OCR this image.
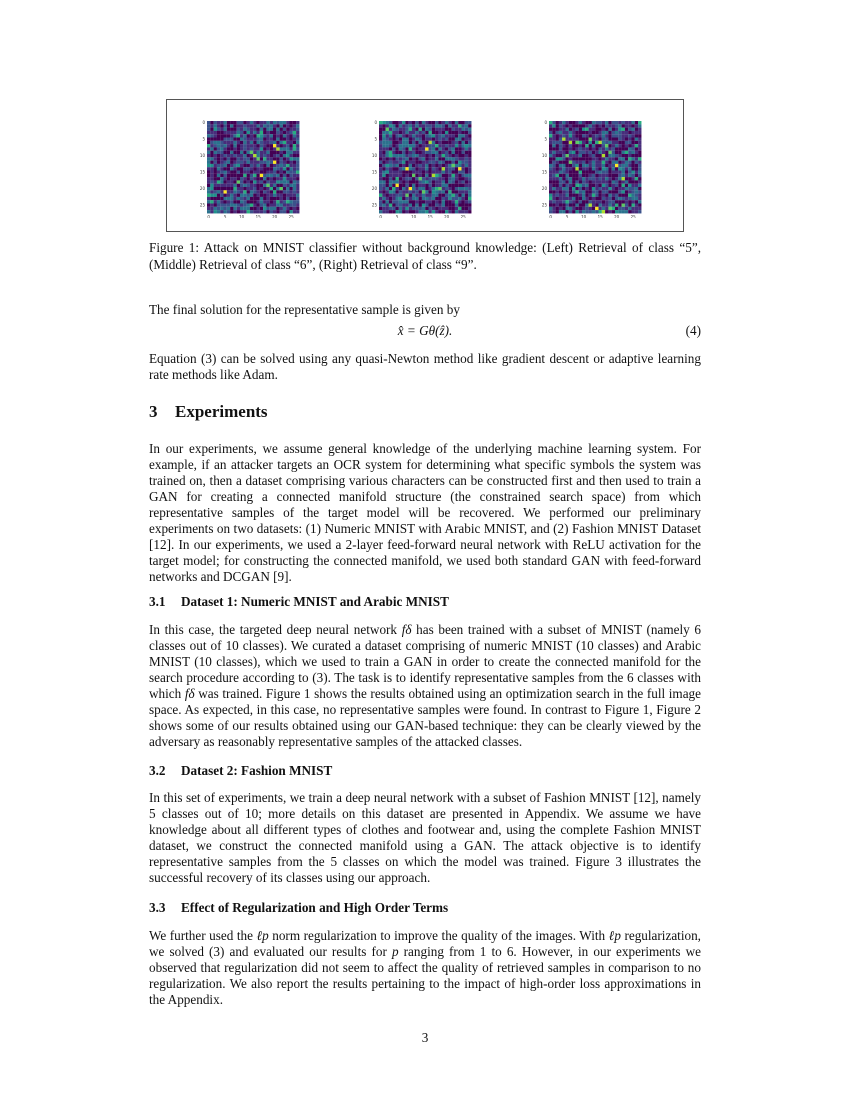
0
5
10
15
20
25
0	5	10	15	20	25
0
5
10
15
20
25
0	5	10	15	20	25
0
5
10
15
20
25
0	5	10	15	20	25

Figure 1: Attack on MNIST classifier without background knowledge: (Left) Retrieval of class “5”, (Middle) Retrieval of class “6”, (Right) Retrieval of class “9”.

The final solution for the representative sample is given by

x̂ = Gθ(ẑ).	(4)

Equation (3) can be solved using any quasi-Newton method like gradient descent or adaptive learning rate methods like Adam.

3 Experiments

In our experiments, we assume general knowledge of the underlying machine learning system. For example, if an attacker targets an OCR system for determining what specific symbols the system was trained on, then a dataset comprising various characters can be constructed first and then used to train a GAN for creating a connected manifold structure (the constrained search space) from which representative samples of the target model will be recovered. We performed our preliminary experiments on two datasets: (1) Numeric MNIST with Arabic MNIST, and (2) Fashion MNIST Dataset [12]. In our experiments, we used a 2-layer feed-forward neural network with ReLU activation for the target model; for constructing the connected manifold, we used both standard GAN with feed-forward networks and DCGAN [9].

3.1 Dataset 1: Numeric MNIST and Arabic MNIST

In this case, the targeted deep neural network fδ has been trained with a subset of MNIST (namely 6 classes out of 10 classes). We curated a dataset comprising of numeric MNIST (10 classes) and Arabic MNIST (10 classes), which we used to train a GAN in order to create the connected manifold for the search procedure according to (3). The task is to identify representative samples from the 6 classes with which fδ was trained. Figure 1 shows the results obtained using an optimization search in the full image space. As expected, in this case, no representative samples were found. In contrast to Figure 1, Figure 2 shows some of our results obtained using our GAN-based technique: they can be clearly viewed by the adversary as reasonably representative samples of the attacked classes.

3.2 Dataset 2: Fashion MNIST

In this set of experiments, we train a deep neural network with a subset of Fashion MNIST [12], namely 5 classes out of 10; more details on this dataset are presented in Appendix. We assume we have knowledge about all different types of clothes and footwear and, using the complete Fashion MNIST dataset, we construct the connected manifold using a GAN. The attack objective is to identify representative samples from the 5 classes on which the model was trained. Figure 3 illustrates the successful recovery of its classes using our approach.

3.3 Effect of Regularization and High Order Terms

We further used the ℓp norm regularization to improve the quality of the images. With ℓp regularization, we solved (3) and evaluated our results for p ranging from 1 to 6. However, in our experiments we observed that regularization did not seem to affect the quality of retrieved samples in comparison to no regularization. We also report the results pertaining to the impact of high-order loss approximations in the Appendix.

3
